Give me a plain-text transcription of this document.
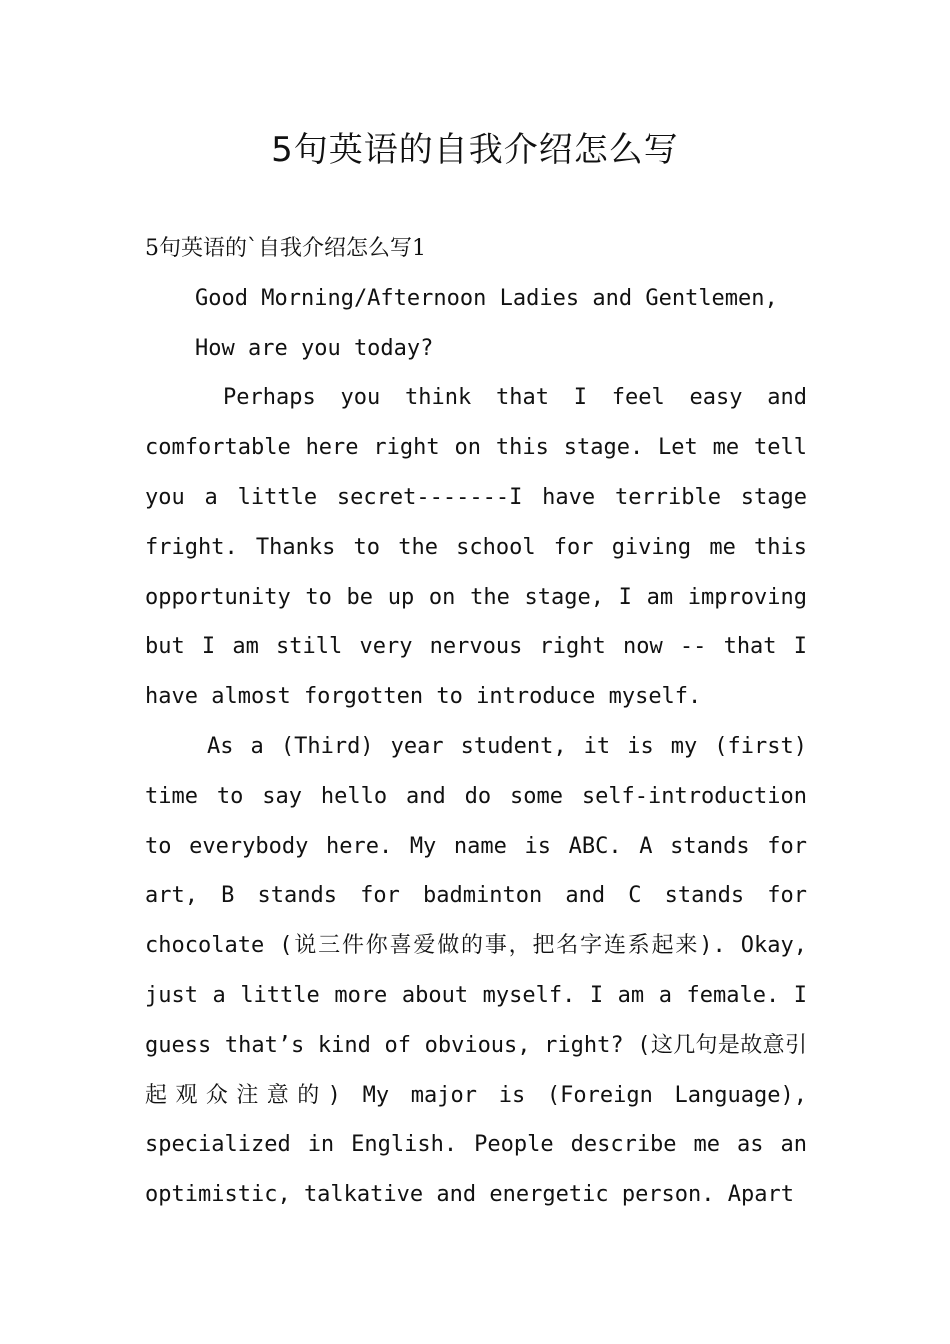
5句英语的自我介绍怎么写

5句英语的`自我介绍怎么写1

Good Morning/Afternoon Ladies and Gentlemen,

How are you today?

Perhaps you think that I feel easy and comfortable here right on this stage. Let me tell you a little secret-------I have terrible stage fright. Thanks to the school for giving me this opportunity to be up on the stage, I am improving but I am still very nervous right now -- that I have almost forgotten to introduce myself.

As a (Third) year student, it is my (first) time to say hello and do some self-introduction to everybody here. My name is ABC. A stands for art, B stands for badminton and C stands for chocolate (说三件你喜爱做的事，把名字连系起来). Okay, just a little more about myself. I am a female. I guess that’s kind of obvious, right? (这几句是故意引起观众注意的) My major is (Foreign Language), specialized in English. People describe me as an optimistic, talkative and energetic person. Apart
